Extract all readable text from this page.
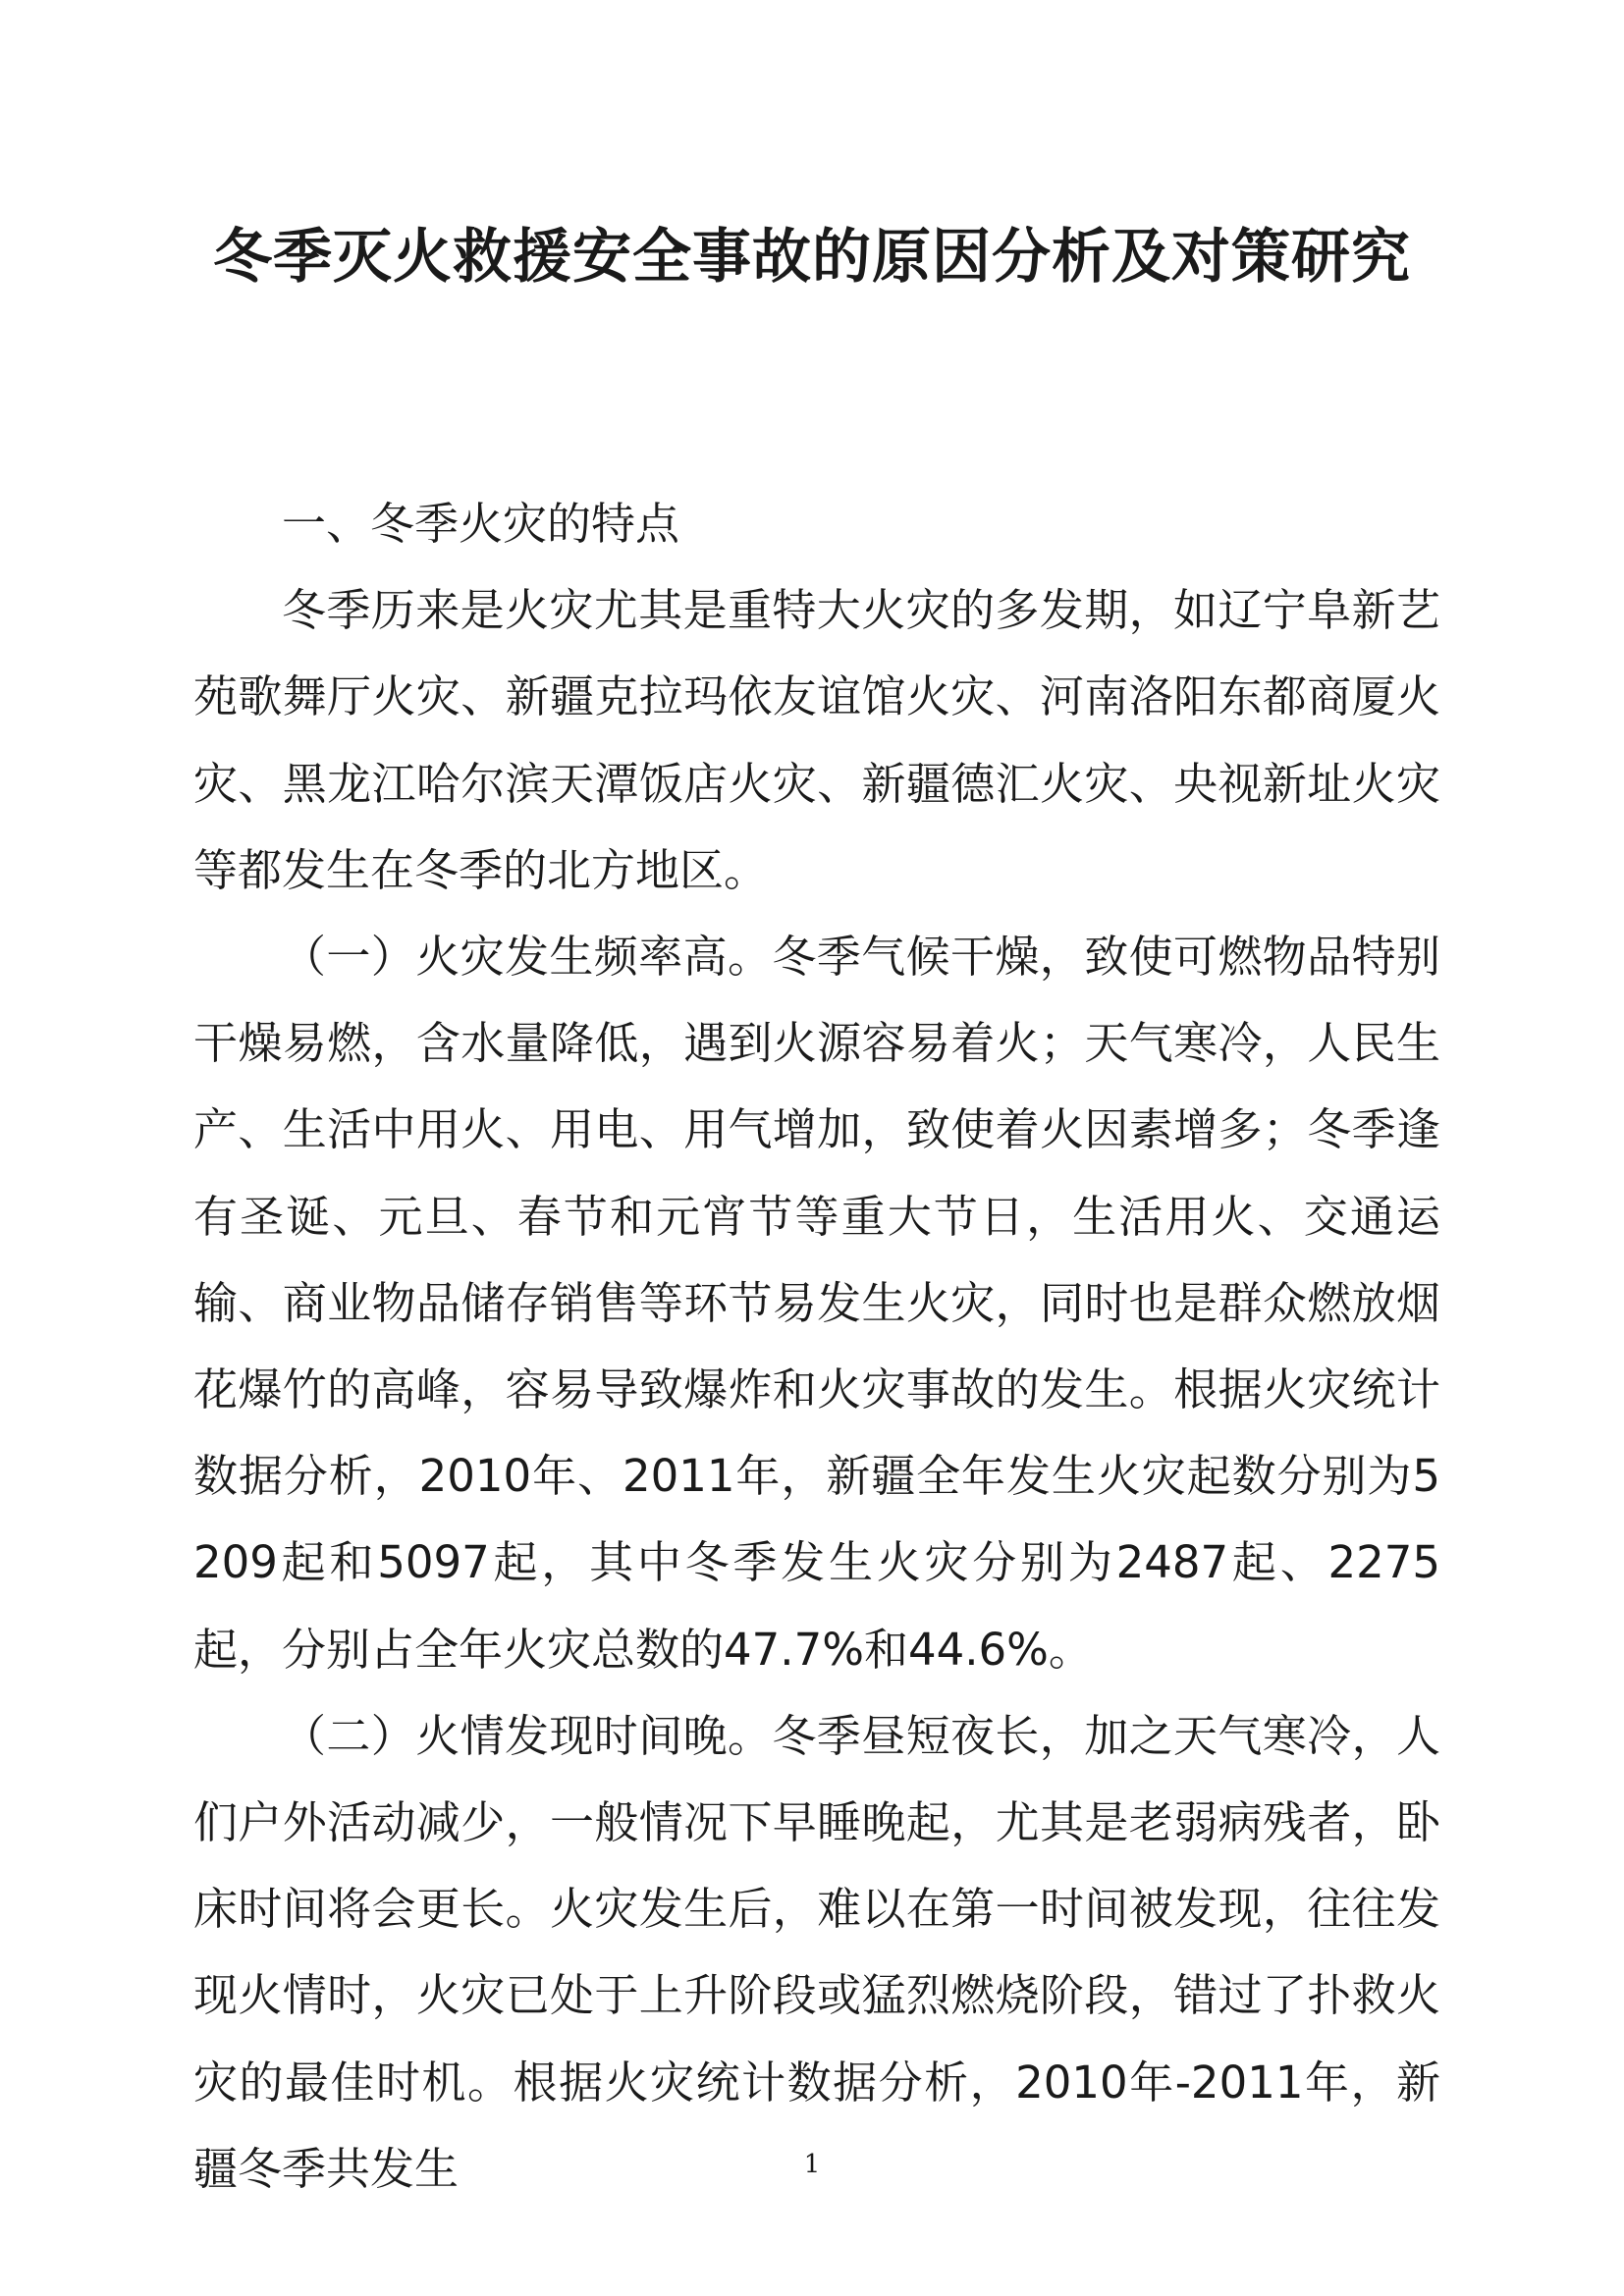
冬季灭火救援安全事故的原因分析及对策研究

一、冬季火灾的特点

冬季历来是火灾尤其是重特大火灾的多发期，如辽宁阜新艺苑歌舞厅火灾、新疆克拉玛依友谊馆火灾、河南洛阳东都商厦火灾、黑龙江哈尔滨天潭饭店火灾、新疆德汇火灾、央视新址火灾等都发生在冬季的北方地区。

（一）火灾发生频率高。冬季气候干燥，致使可燃物品特别干燥易燃，含水量降低，遇到火源容易着火；天气寒冷，人民生产、生活中用火、用电、用气增加，致使着火因素增多；冬季逢有圣诞、元旦、春节和元宵节等重大节日，生活用火、交通运输、商业物品储存销售等环节易发生火灾，同时也是群众燃放烟花爆竹的高峰，容易导致爆炸和火灾事故的发生。根据火灾统计数据分析，2010年、2011年，新疆全年发生火灾起数分别为5209起和5097起，其中冬季发生火灾分别为2487起、2275起，分别占全年火灾总数的47.7%和44.6%。

（二）火情发现时间晚。冬季昼短夜长，加之天气寒冷，人们户外活动减少，一般情况下早睡晚起，尤其是老弱病残者，卧床时间将会更长。火灾发生后，难以在第一时间被发现，往往发现火情时，火灾已处于上升阶段或猛烈燃烧阶段，错过了扑救火灾的最佳时机。根据火灾统计数据分析，2010年-2011年，新疆冬季共发生	1
